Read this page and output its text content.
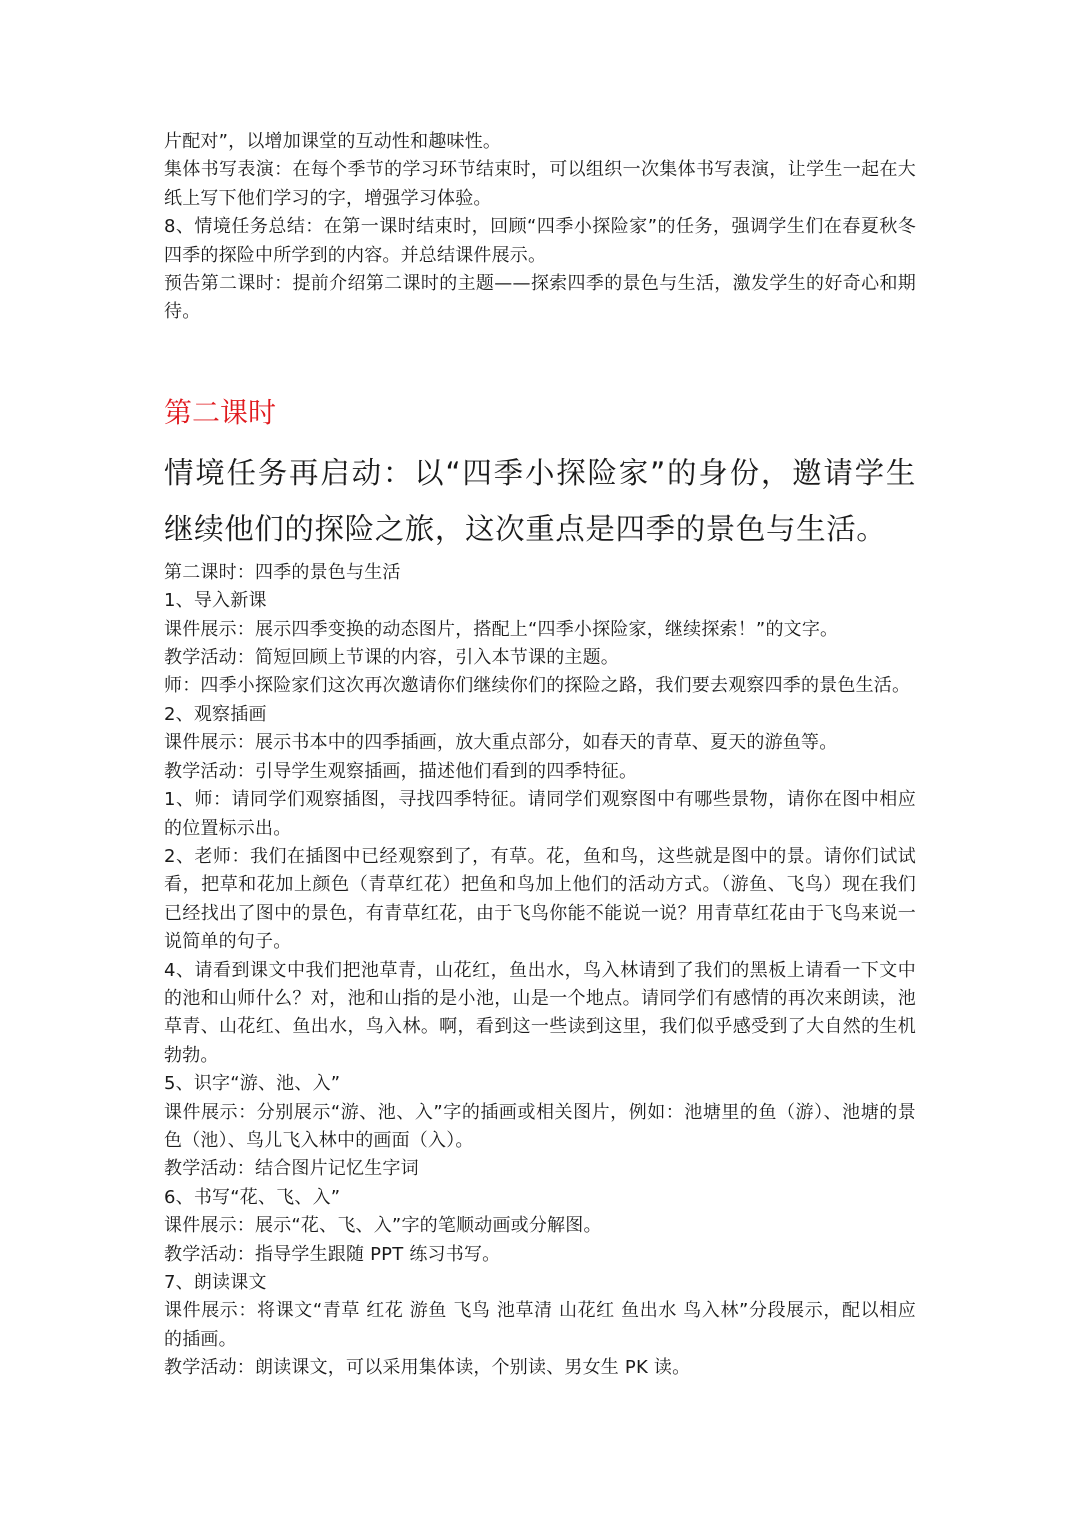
片配对”，以增加课堂的互动性和趣味性。

集体书写表演：在每个季节的学习环节结束时，可以组织一次集体书写表演，让学生一起在大纸上写下他们学习的字，增强学习体验。

8、情境任务总结：在第一课时结束时，回顾“四季小探险家”的任务，强调学生们在春夏秋冬四季的探险中所学到的内容。并总结课件展示。

预告第二课时：提前介绍第二课时的主题——探索四季的景色与生活，激发学生的好奇心和期待。

第二课时
情境任务再启动：以“四季小探险家”的身份，邀请学生继续他们的探险之旅，这次重点是四季的景色与生活。

第二课时：四季的景色与生活

1、导入新课

课件展示：展示四季变换的动态图片，搭配上“四季小探险家，继续探索！”的文字。

教学活动：简短回顾上节课的内容，引入本节课的主题。

师：四季小探险家们这次再次邀请你们继续你们的探险之路，我们要去观察四季的景色生活。

2、观察插画

课件展示：展示书本中的四季插画，放大重点部分，如春天的青草、夏天的游鱼等。

教学活动：引导学生观察插画，描述他们看到的四季特征。

1、师：请同学们观察插图，寻找四季特征。请同学们观察图中有哪些景物，请你在图中相应的位置标示出。

2、老师：我们在插图中已经观察到了，有草。花，鱼和鸟，这些就是图中的景。请你们试试看，把草和花加上颜色（青草红花）把鱼和鸟加上他们的活动方式。（游鱼、飞鸟）现在我们已经找出了图中的景色，有青草红花，由于飞鸟你能不能说一说？用青草红花由于飞鸟来说一说简单的句子。

4、请看到课文中我们把池草青，山花红，鱼出水，鸟入林请到了我们的黑板上请看一下文中的池和山师什么？对，池和山指的是小池，山是一个地点。请同学们有感情的再次来朗读，池草青、山花红、鱼出水，鸟入林。啊，看到这一些读到这里，我们似乎感受到了大自然的生机勃勃。

5、识字“游、池、入”

课件展示：分别展示“游、池、入”字的插画或相关图片，例如：池塘里的鱼（游）、池塘的景色（池）、鸟儿飞入林中的画面（入）。

教学活动：结合图片记忆生字词

6、书写“花、飞、入”

课件展示：展示“花、飞、入”字的笔顺动画或分解图。

教学活动：指导学生跟随 PPT 练习书写。

7、朗读课文

课件展示：将课文“青草 红花 游鱼 飞鸟 池草清 山花红 鱼出水 鸟入林”分段展示，配以相应的插画。

教学活动：朗读课文，可以采用集体读，个别读、男女生 PK 读。
